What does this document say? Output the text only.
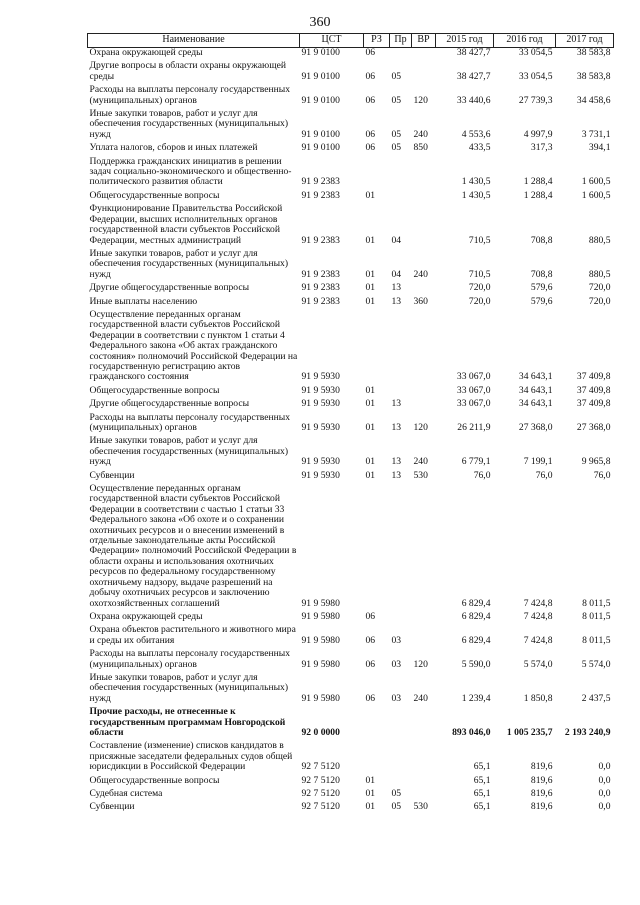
360
Наименование	ЦСТ	РЗ	Пр	ВР	2015 год	2016 год	2017 год
Охрана окружающей среды	91 9 0100	06			38 427,7	33 054,5	38 583,8
Другие вопросы в области охраны окружающей среды	91 9 0100	06	05		38 427,7	33 054,5	38 583,8
Расходы на выплаты персоналу государственных (муниципальных) органов	91 9 0100	06	05	120	33 440,6	27 739,3	34 458,6
Иные закупки товаров, работ и услуг для обеспечения государственных (муниципальных) нужд	91 9 0100	06	05	240	4 553,6	4 997,9	3 731,1
Уплата налогов, сборов и иных платежей	91 9 0100	06	05	850	433,5	317,3	394,1
Поддержка гражданских инициатив в решении задач социально-экономического и общественно-политического развития области	91 9 2383				1 430,5	1 288,4	1 600,5
Общегосударственные вопросы	91 9 2383	01			1 430,5	1 288,4	1 600,5
Функционирование Правительства Российской Федерации, высших исполнительных органов государственной власти субъектов Российской Федерации, местных администраций	91 9 2383	01	04		710,5	708,8	880,5
Иные закупки товаров, работ и услуг для обеспечения государственных (муниципальных) нужд	91 9 2383	01	04	240	710,5	708,8	880,5
Другие общегосударственные вопросы	91 9 2383	01	13		720,0	579,6	720,0
Иные выплаты населению	91 9 2383	01	13	360	720,0	579,6	720,0
Осуществление переданных органам государственной власти субъектов Российской Федерации в соответствии с пунктом 1 статьи 4 Федерального закона «Об актах гражданского состояния» полномочий Российской Федерации на государственную регистрацию актов гражданского состояния	91 9 5930				33 067,0	34 643,1	37 409,8
Общегосударственные вопросы	91 9 5930	01			33 067,0	34 643,1	37 409,8
Другие общегосударственные вопросы	91 9 5930	01	13		33 067,0	34 643,1	37 409,8
Расходы на выплаты персоналу государственных (муниципальных) органов	91 9 5930	01	13	120	26 211,9	27 368,0	27 368,0
Иные закупки товаров, работ и услуг для обеспечения государственных (муниципальных) нужд	91 9 5930	01	13	240	6 779,1	7 199,1	9 965,8
Субвенции	91 9 5930	01	13	530	76,0	76,0	76,0
Осуществление переданных органам государственной власти субъектов Российской Федерации в соответствии с частью 1 статьи 33 Федерального закона «Об охоте и о сохранении охотничьих ресурсов и о внесении изменений в отдельные законодательные акты Российской Федерации» полномочий Российской Федерации в области охраны и использования охотничьих ресурсов по федеральному государственному охотничьему надзору, выдаче разрешений на добычу охотничьих ресурсов и заключению охотхозяйственных соглашений	91 9 5980				6 829,4	7 424,8	8 011,5
Охрана окружающей среды	91 9 5980	06			6 829,4	7 424,8	8 011,5
Охрана объектов растительного и животного мира и среды их обитания	91 9 5980	06	03		6 829,4	7 424,8	8 011,5
Расходы на выплаты персоналу государственных (муниципальных) органов	91 9 5980	06	03	120	5 590,0	5 574,0	5 574,0
Иные закупки товаров, работ и услуг для обеспечения государственных (муниципальных) нужд	91 9 5980	06	03	240	1 239,4	1 850,8	2 437,5
Прочие расходы, не отнесенные к государственным программам Новгородской области	92 0 0000				893 046,0	1 005 235,7	2 193 240,9
Составление (изменение) списков кандидатов в присяжные заседатели федеральных судов общей юрисдикции в Российской Федерации	92 7 5120				65,1	819,6	0,0
Общегосударственные вопросы	92 7 5120	01			65,1	819,6	0,0
Судебная система	92 7 5120	01	05		65,1	819,6	0,0
Субвенции	92 7 5120	01	05	530	65,1	819,6	0,0
